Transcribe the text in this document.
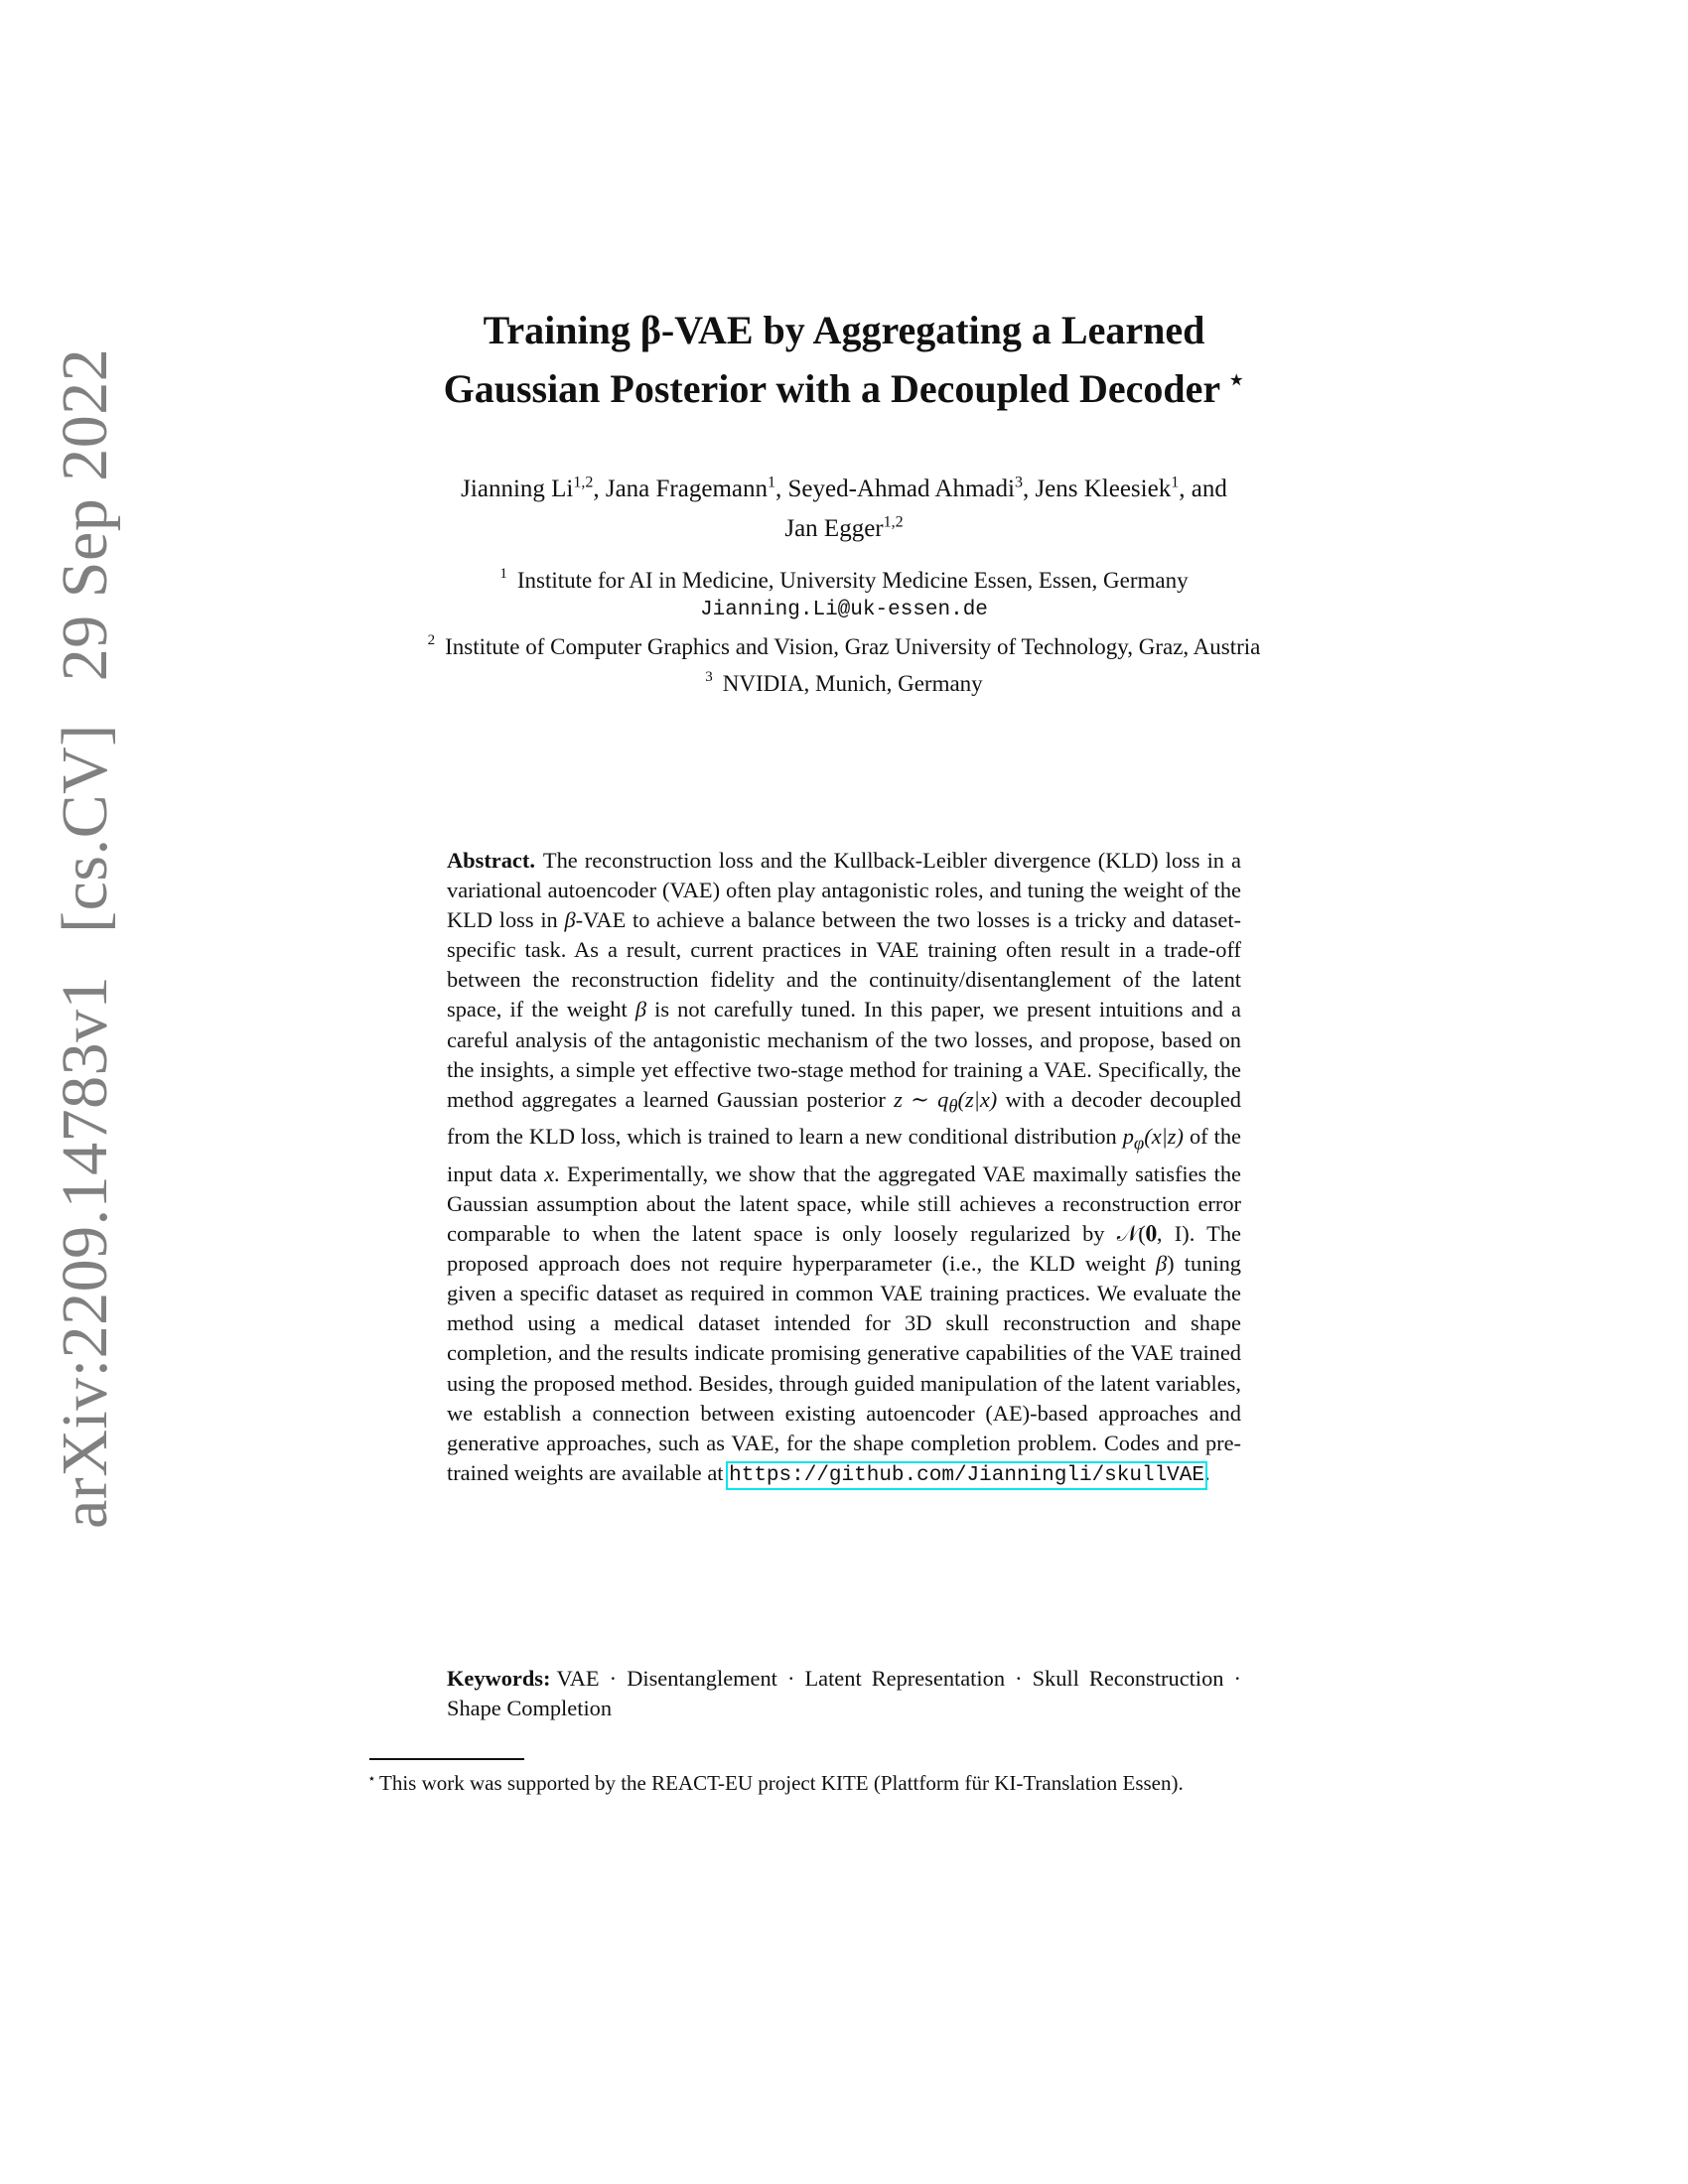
arXiv:2209.14783v1 [cs.CV] 29 Sep 2022
Training β-VAE by Aggregating a Learned
Gaussian Posterior with a Decoupled Decoder ⋆
Jianning Li$^{1,2}$, Jana Fragemann$^1$, Seyed-Ahmad Ahmadi$^3$, Jens Kleesiek$^1$, and
Jan Egger$^{1,2}$
$^1$ Institute for AI in Medicine, University Medicine Essen, Essen, Germany
Jianning.Li@uk-essen.de
$^2$ Institute of Computer Graphics and Vision, Graz University of Technology, Graz, Austria
$^3$ NVIDIA, Munich, Germany
Abstract. The reconstruction loss and the Kullback-Leibler divergence (KLD) loss in a variational autoencoder (VAE) often play antagonistic roles, and tuning the weight of the KLD loss in β-VAE to achieve a balance between the two losses is a tricky and dataset-specific task. As a result, current practices in VAE training often result in a trade-off between the reconstruction fidelity and the continuity/disentanglement of the latent space, if the weight β is not carefully tuned. In this paper, we present intuitions and a careful analysis of the antagonistic mechanism of the two losses, and propose, based on the insights, a simple yet effective two-stage method for training a VAE. Specifically, the method aggregates a learned Gaussian posterior z ∼ $q_\theta(z|x)$ with a decoder decoupled from the KLD loss, which is trained to learn a new conditional distribution $p_\varphi(x|z)$ of the input data x. Experimentally, we show that the aggregated VAE maximally satisfies the Gaussian assumption about the latent space, while still achieves a reconstruction error comparable to when the latent space is only loosely regularized by 𝒩(𝟎, I). The proposed approach does not require hyperparameter (i.e., the KLD weight β) tuning given a specific dataset as required in common VAE training practices. We evaluate the method using a medical dataset intended for 3D skull reconstruction and shape completion, and the results indicate promising generative capabilities of the VAE trained using the proposed method. Besides, through guided manipulation of the latent variables, we establish a connection between existing autoencoder (AE)-based approaches and generative approaches, such as VAE, for the shape completion problem. Codes and pre-trained weights are available at https://github.com/Jianningli/skullVAE.
Keywords: VAE · Disentanglement · Latent Representation · Skull Reconstruction · Shape Completion
⋆ This work was supported by the REACT-EU project KITE (Plattform für KI-Translation Essen).
